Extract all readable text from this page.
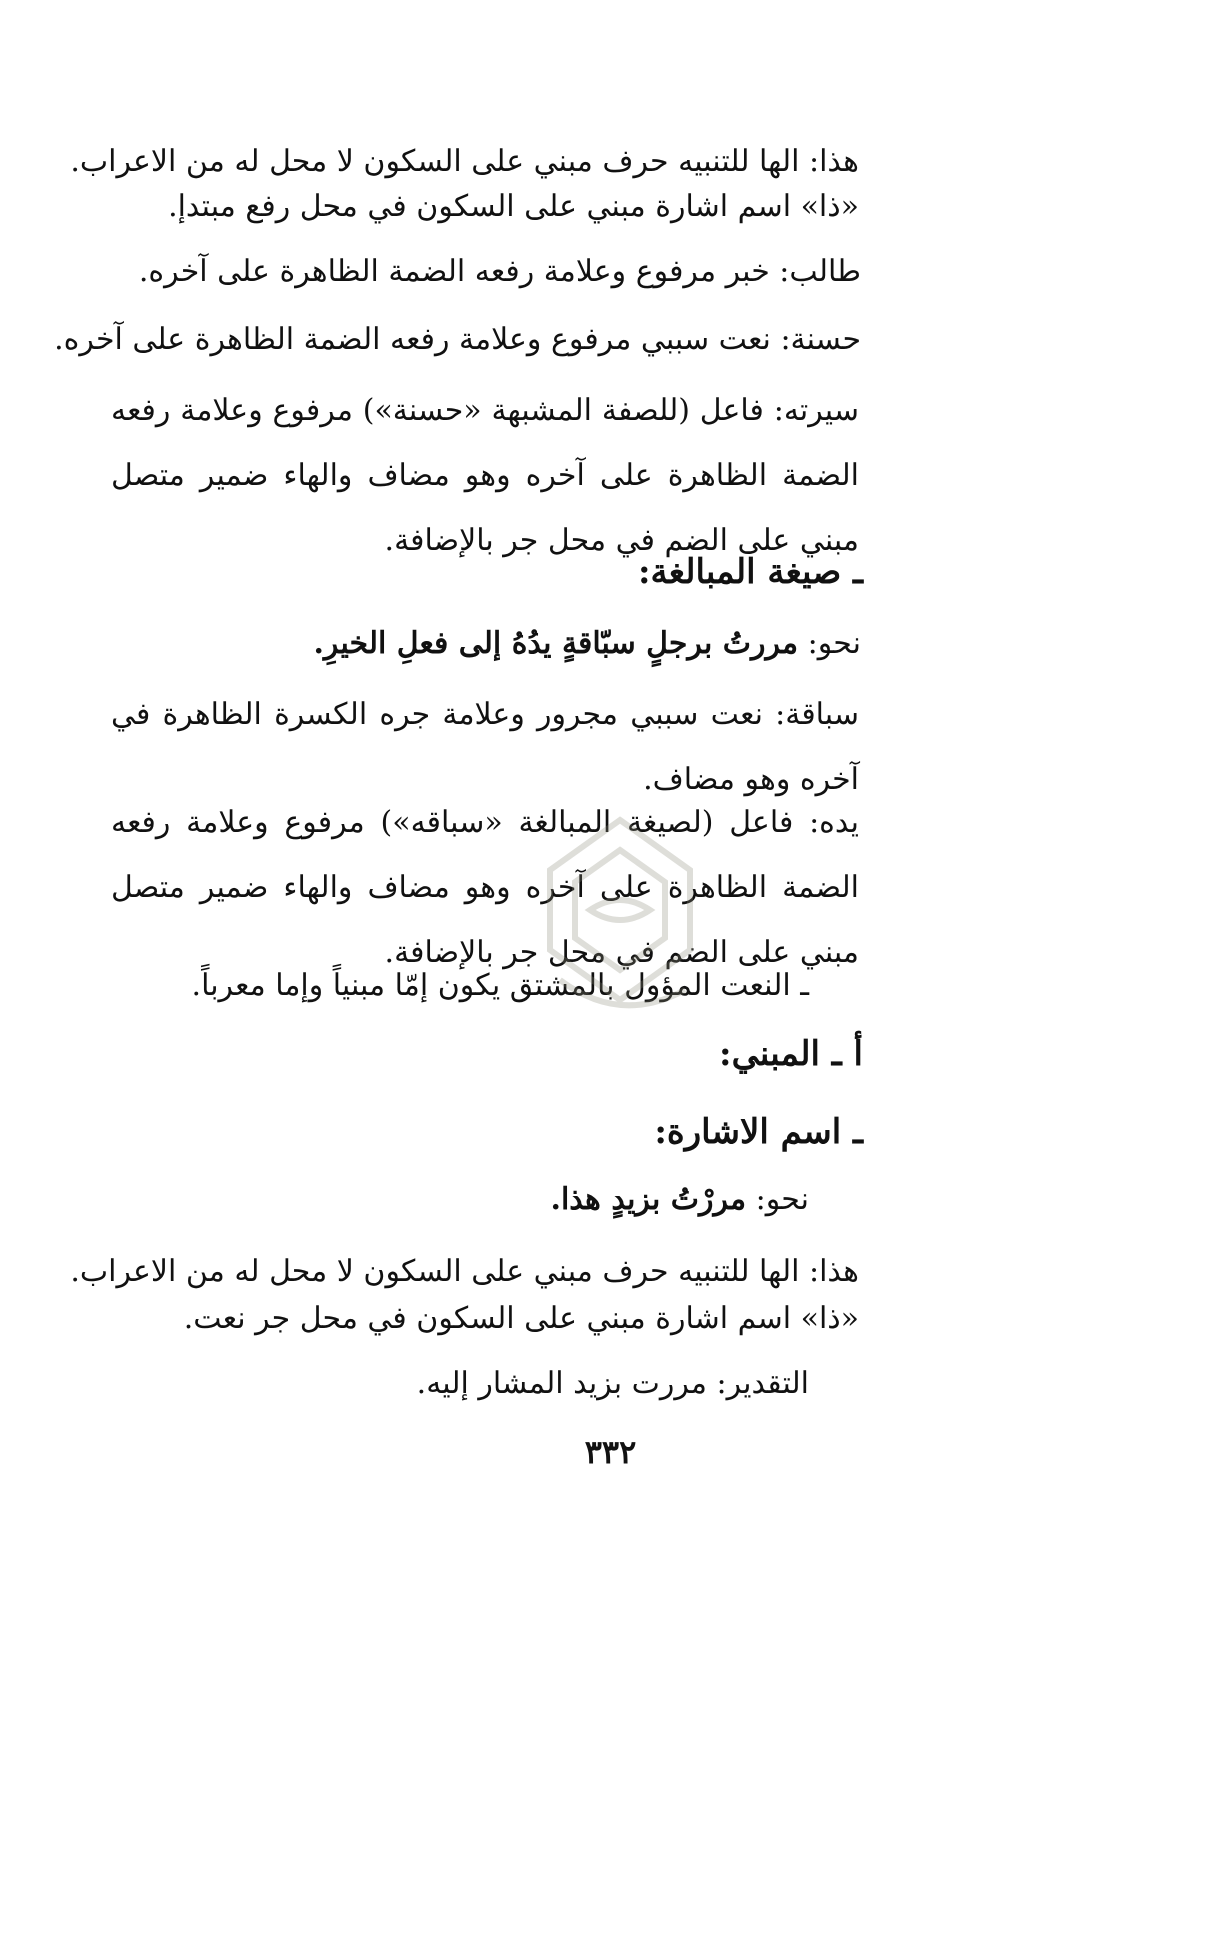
هذا: الها للتنبيه حرف مبني على السكون لا محل له من الاعراب.
«ذا» اسم اشارة مبني على السكون في محل رفع مبتدإ.
طالب: خبر مرفوع وعلامة رفعه الضمة الظاهرة على آخره.
حسنة: نعت سببي مرفوع وعلامة رفعه الضمة الظاهرة على آخره.
سيرته: فاعل (للصفة المشبهة «حسنة») مرفوع وعلامة رفعه الضمة الظاهرة على آخره وهو مضاف والهاء ضمير متصل مبني على الضم في محل جر بالإضافة.
ـ صيغة المبالغة:
نحو: مررتُ برجلٍ سبّاقةٍ يدُهُ إلى فعلِ الخيرِ.
سباقة: نعت سببي مجرور وعلامة جره الكسرة الظاهرة في آخره وهو مضاف.
يده: فاعل (لصيغة المبالغة «سباقه») مرفوع وعلامة رفعه الضمة الظاهرة على آخره وهو مضاف والهاء ضمير متصل مبني على الضم في محل جر بالإضافة.
ـ النعت المؤول بالمشتق يكون إمّا مبنياً وإما معرباً.
أ ـ المبني:
ـ اسم الاشارة:
نحو: مررْتُ بزيدٍ هذا.
هذا: الها للتنبيه حرف مبني على السكون لا محل له من الاعراب.
«ذا» اسم اشارة مبني على السكون في محل جر نعت.
التقدير: مررت بزيد المشار إليه.
٣٣٢
